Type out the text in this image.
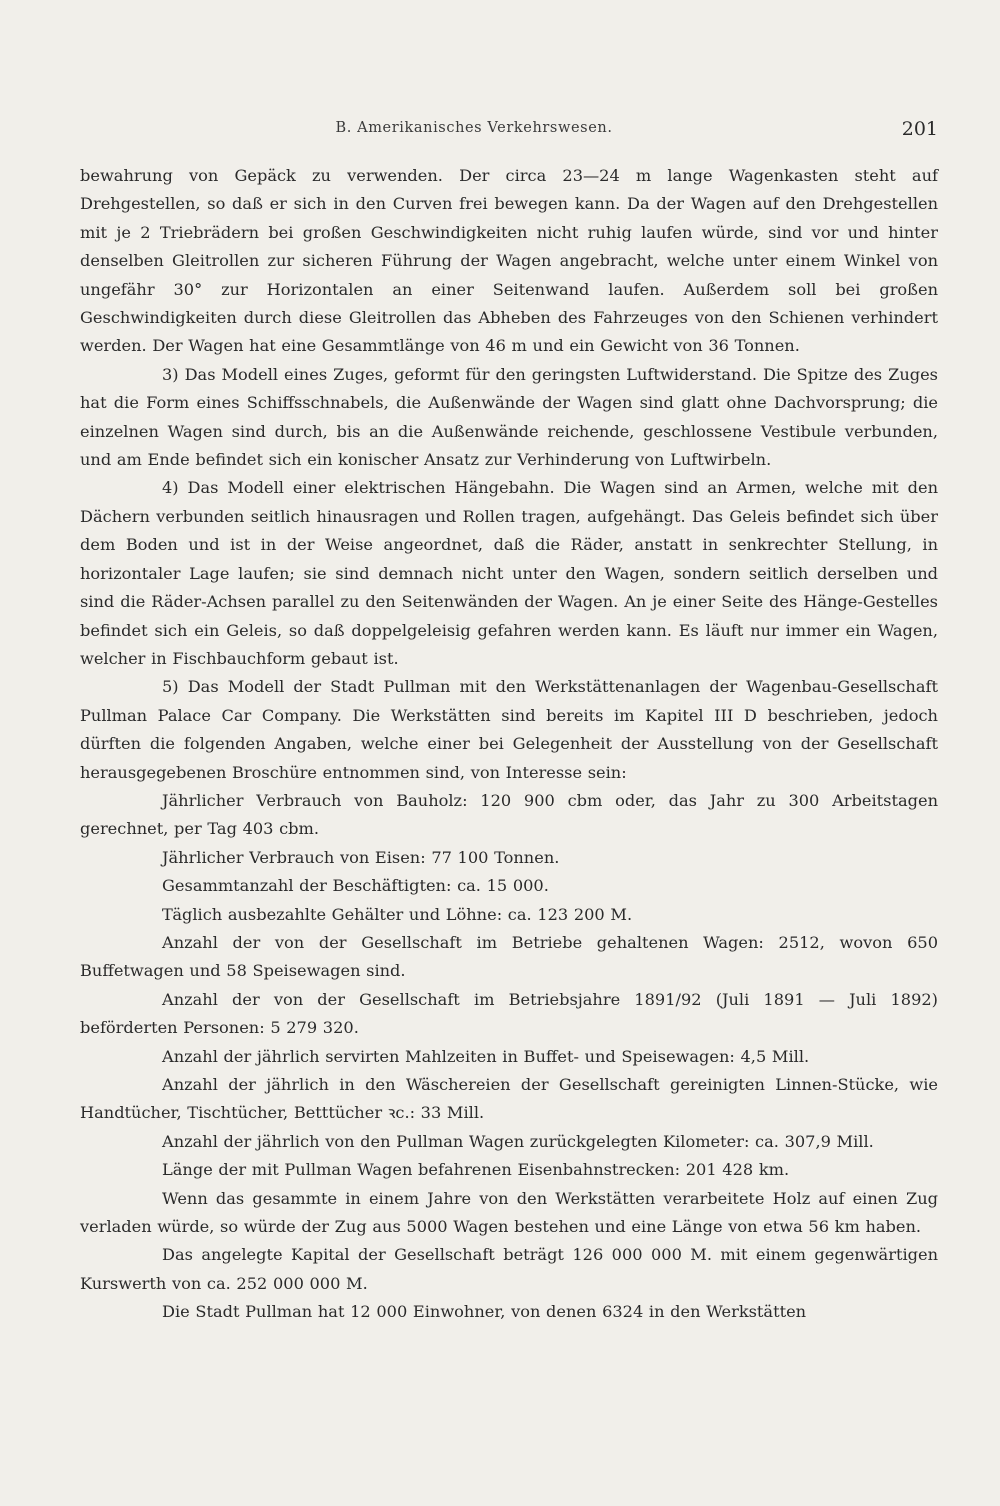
B. Amerikanisches Verkehrswesen.	201

bewahrung von Gepäck zu verwenden. Der circa 23—24 m lange Wagenkasten steht auf Drehgestellen, so daß er sich in den Curven frei bewegen kann. Da der Wagen auf den Drehgestellen mit je 2 Triebrädern bei großen Geschwindigkeiten nicht ruhig laufen würde, sind vor und hinter denselben Gleitrollen zur sicheren Führung der Wagen angebracht, welche unter einem Winkel von ungefähr 30° zur Horizontalen an einer Seitenwand laufen. Außerdem soll bei großen Geschwindigkeiten durch diese Gleitrollen das Abheben des Fahrzeuges von den Schienen verhindert werden. Der Wagen hat eine Gesammtlänge von 46 m und ein Gewicht von 36 Tonnen.

3) Das Modell eines Zuges, geformt für den geringsten Luftwiderstand. Die Spitze des Zuges hat die Form eines Schiffsschnabels, die Außenwände der Wagen sind glatt ohne Dachvorsprung; die einzelnen Wagen sind durch, bis an die Außenwände reichende, geschlossene Vestibule verbunden, und am Ende befindet sich ein konischer Ansatz zur Verhinderung von Luftwirbeln.

4) Das Modell einer elektrischen Hängebahn. Die Wagen sind an Armen, welche mit den Dächern verbunden seitlich hinausragen und Rollen tragen, aufgehängt. Das Geleis befindet sich über dem Boden und ist in der Weise angeordnet, daß die Räder, anstatt in senkrechter Stellung, in horizontaler Lage laufen; sie sind demnach nicht unter den Wagen, sondern seitlich derselben und sind die Räder-Achsen parallel zu den Seitenwänden der Wagen. An je einer Seite des Hänge-Gestelles befindet sich ein Geleis, so daß doppelgeleisig gefahren werden kann. Es läuft nur immer ein Wagen, welcher in Fischbauchform gebaut ist.

5) Das Modell der Stadt Pullman mit den Werkstättenanlagen der Wagenbau-Gesellschaft Pullman Palace Car Company. Die Werkstätten sind bereits im Kapitel III D beschrieben, jedoch dürften die folgenden Angaben, welche einer bei Gelegenheit der Ausstellung von der Gesellschaft herausgegebenen Broschüre entnommen sind, von Interesse sein:

Jährlicher Verbrauch von Bauholz: 120 900 cbm oder, das Jahr zu 300 Arbeitstagen gerechnet, per Tag 403 cbm.

Jährlicher Verbrauch von Eisen: 77 100 Tonnen.

Gesammtanzahl der Beschäftigten: ca. 15 000.

Täglich ausbezahlte Gehälter und Löhne: ca. 123 200 M.

Anzahl der von der Gesellschaft im Betriebe gehaltenen Wagen: 2512, wovon 650 Buffetwagen und 58 Speisewagen sind.

Anzahl der von der Gesellschaft im Betriebsjahre 1891/92 (Juli 1891 — Juli 1892) beförderten Personen: 5 279 320.

Anzahl der jährlich servirten Mahlzeiten in Buffet- und Speisewagen: 4,5 Mill.

Anzahl der jährlich in den Wäschereien der Gesellschaft gereinigten Linnen-Stücke, wie Handtücher, Tischtücher, Betttücher ꝛc.: 33 Mill.

Anzahl der jährlich von den Pullman Wagen zurückgelegten Kilometer: ca. 307,9 Mill.

Länge der mit Pullman Wagen befahrenen Eisenbahnstrecken: 201 428 km.

Wenn das gesammte in einem Jahre von den Werkstätten verarbeitete Holz auf einen Zug verladen würde, so würde der Zug aus 5000 Wagen bestehen und eine Länge von etwa 56 km haben.

Das angelegte Kapital der Gesellschaft beträgt 126 000 000 M. mit einem gegenwärtigen Kurswerth von ca. 252 000 000 M.

Die Stadt Pullman hat 12 000 Einwohner, von denen 6324 in den Werkstätten
